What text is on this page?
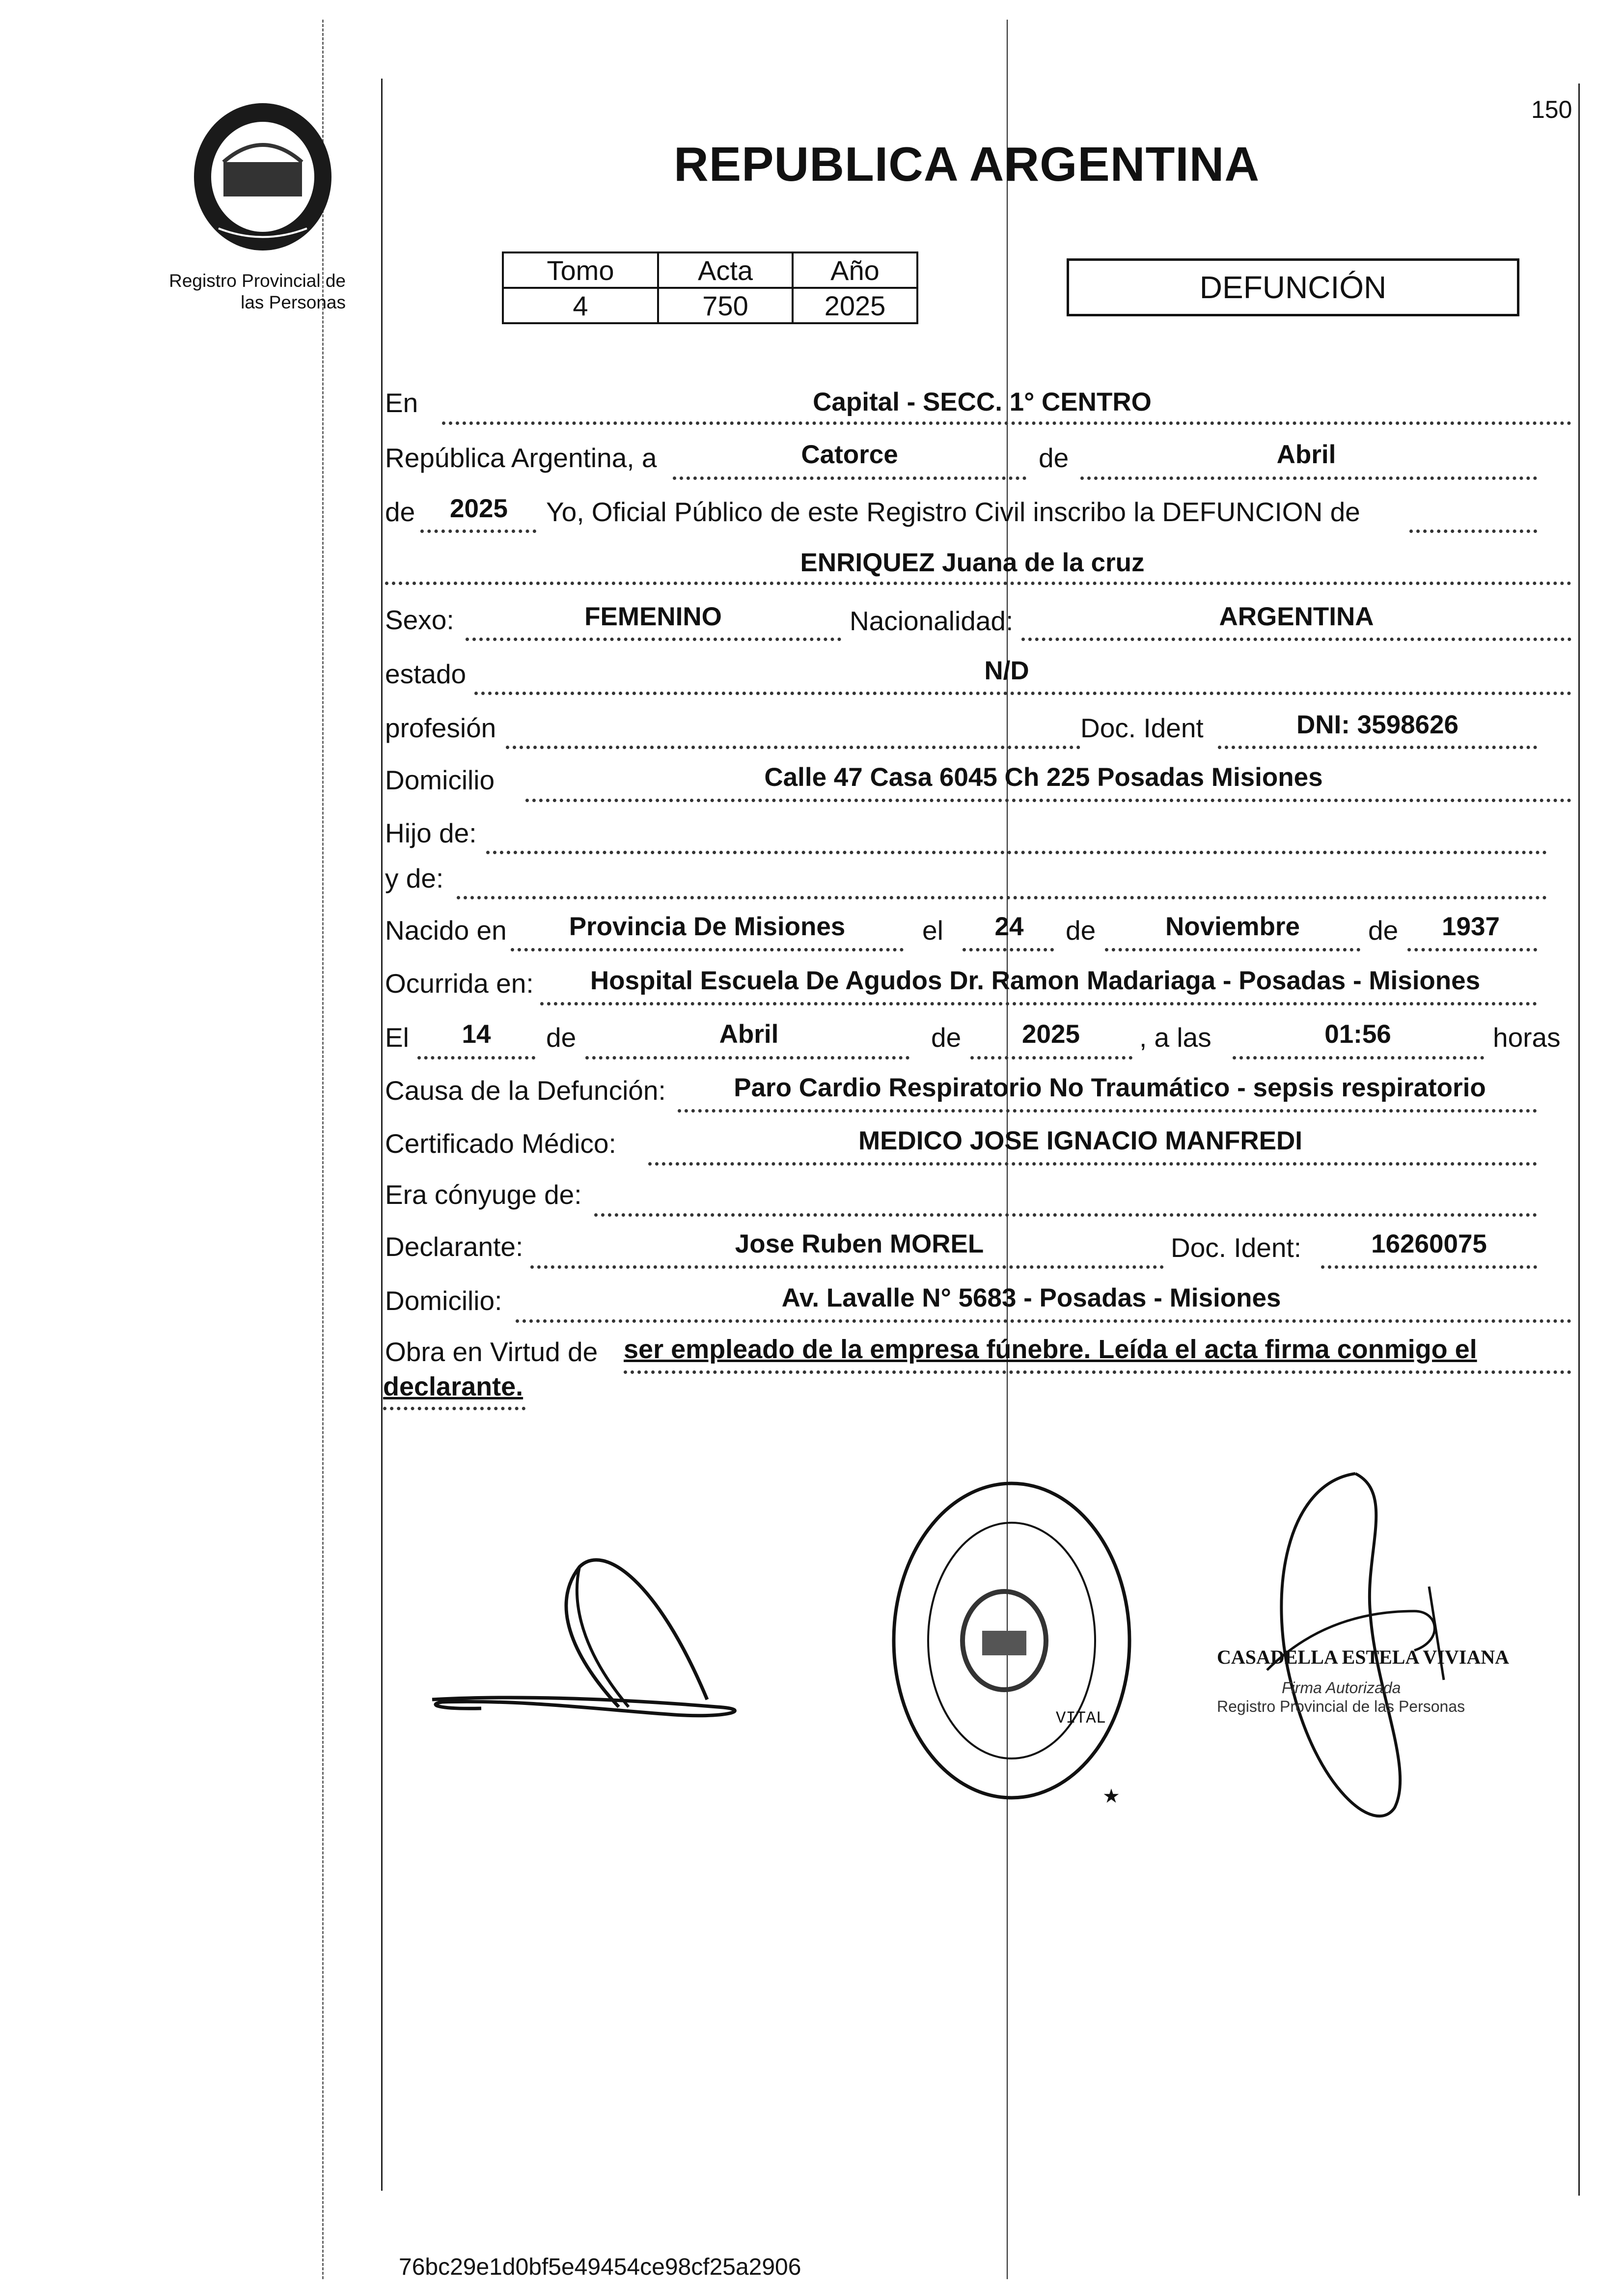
150
Registro Provincial de
las Personas
REPUBLICA ARGENTINA
Tomo	Acta	Año
4	750	2025
DEFUNCIÓN
En	Capital - SECC. 1° CENTRO
República Argentina, a	Catorce	de	Abril
de	2025	Yo, Oficial Público de este Registro Civil inscribo la DEFUNCION de
ENRIQUEZ Juana de la cruz
Sexo:	FEMENINO	Nacionalidad:	ARGENTINA
estado	N/D
profesión	Doc. Ident	DNI: 3598626
Domicilio	Calle 47 Casa 6045 Ch 225 Posadas Misiones
Hijo de:
y de:
Nacido en	Provincia De Misiones	el	24	de	Noviembre	de	1937
Ocurrida en:	Hospital Escuela De Agudos Dr. Ramon Madariaga - Posadas - Misiones
El	14	de	Abril	de	2025	, a las	01:56	horas
Causa de la Defunción:	Paro Cardio Respiratorio No Traumático - sepsis respiratorio
Certificado Médico:	MEDICO JOSE IGNACIO MANFREDI
Era cónyuge de:
Declarante:	Jose Ruben MOREL	Doc. Ident:	16260075
Domicilio:	Av. Lavalle N° 5683 - Posadas - Misiones
Obra en Virtud de ser empleado de la empresa fúnebre. Leída el acta firma conmigo el
declarante.
★
VITAL
CASADELLA ESTELA VIVIANA
Firma Autorizada
Registro Provincial de las Personas
76bc29e1d0bf5e49454ce98cf25a2906
